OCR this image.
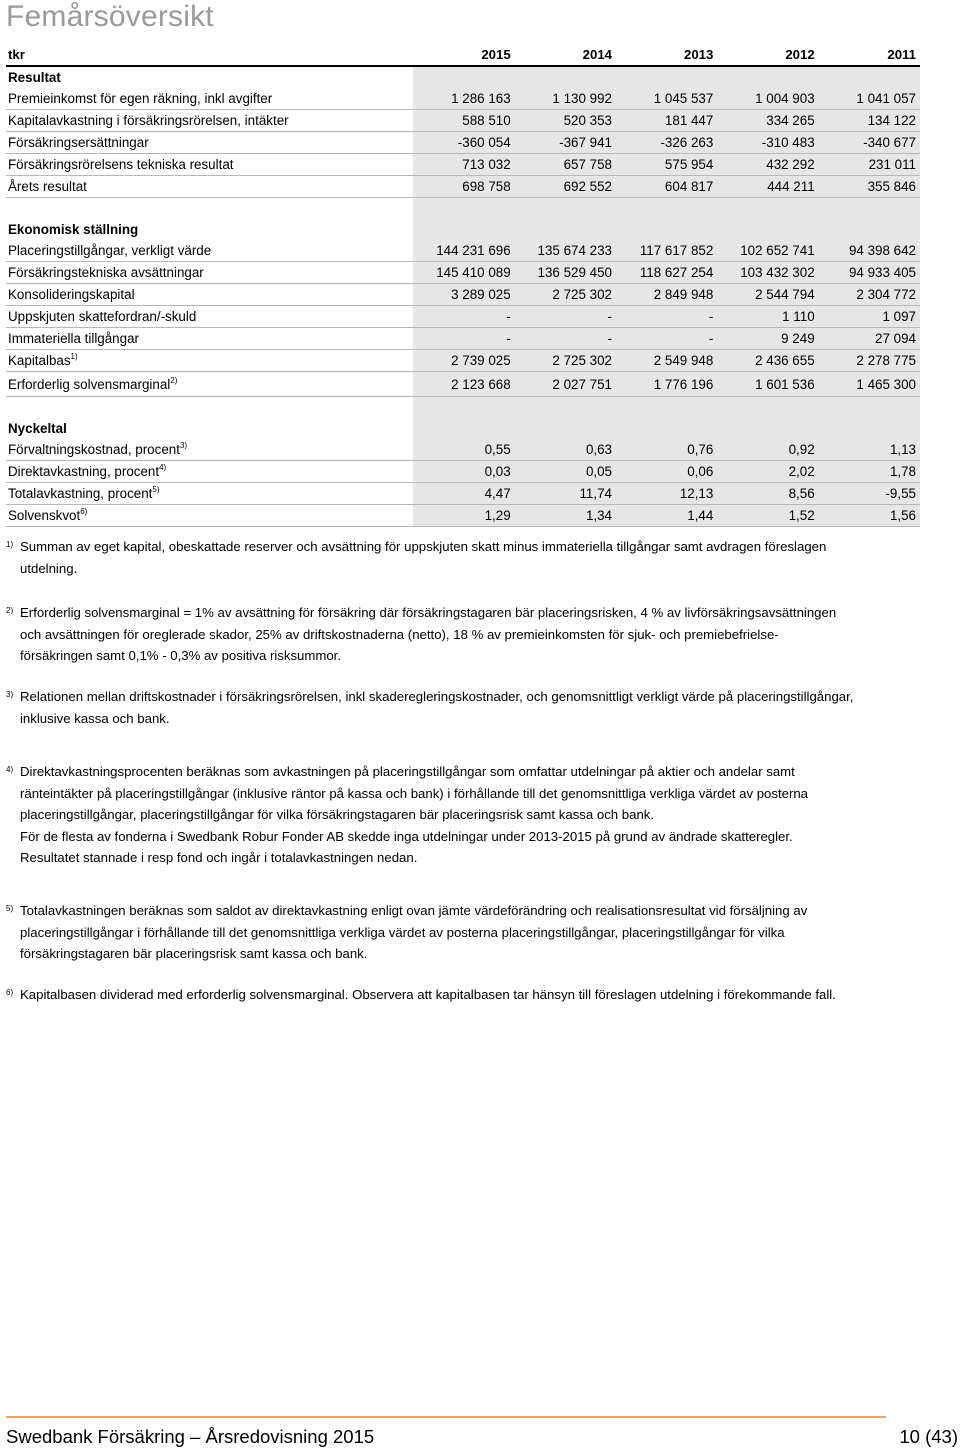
Femårsöversikt
tkr	2015	2014	2013	2012	2011
Resultat					
Premieinkomst för egen räkning, inkl avgifter	1 286 163	1 130 992	1 045 537	1 004 903	1 041 057
Kapitalavkastning i försäkringsrörelsen, intäkter	588 510	520 353	181 447	334 265	134 122
Försäkringsersättningar	-360 054	-367 941	-326 263	-310 483	-340 677
Försäkringsrörelsens tekniska resultat	713 032	657 758	575 954	432 292	231 011
Årets resultat	698 758	692 552	604 817	444 211	355 846

Ekonomisk ställning					
Placeringstillgångar, verkligt värde	144 231 696	135 674 233	117 617 852	102 652 741	94 398 642
Försäkringstekniska avsättningar	145 410 089	136 529 450	118 627 254	103 432 302	94 933 405
Konsolideringskapital	3 289 025	2 725 302	2 849 948	2 544 794	2 304 772
Uppskjuten skattefordran/-skuld	-	-	-	1 110	1 097
Immateriella tillgångar	-	-	-	9 249	27 094
Kapitalbas$^{1)}$	2 739 025	2 725 302	2 549 948	2 436 655	2 278 775
Erforderlig solvensmarginal$^{2)}$	2 123 668	2 027 751	1 776 196	1 601 536	1 465 300

Nyckeltal					
Förvaltningskostnad, procent$^{3)}$	0,55	0,63	0,76	0,92	1,13
Direktavkastning, procent$^{4)}$	0,03	0,05	0,06	2,02	1,78
Totalavkastning, procent$^{5)}$	4,47	11,74	12,13	8,56	-9,55
Solvenskvot$^{6)}$	1,29	1,34	1,44	1,52	1,56
1) Summan av eget kapital, obeskattade reserver och avsättning för uppskjuten skatt minus immateriella tillgångar samt avdragen föreslagen
utdelning.
2) Erforderlig solvensmarginal = 1% av avsättning för försäkring där försäkringstagaren bär placeringsrisken, 4 % av livförsäkringsavsättningen
och avsättningen för oreglerade skador, 25% av driftskostnaderna (netto), 18 % av premieinkomsten för sjuk- och premiebefrielse-
försäkringen samt 0,1% - 0,3% av positiva risksummor.
3) Relationen mellan driftskostnader i försäkringsrörelsen, inkl skaderegleringskostnader, och genomsnittligt verkligt värde på placeringstillgångar,
inklusive kassa och bank.
4) Direktavkastningsprocenten beräknas som avkastningen på placeringstillgångar som omfattar utdelningar på aktier och andelar samt
ränteintäkter på placeringstillgångar (inklusive räntor på kassa och bank) i förhållande till det genomsnittliga verkliga värdet av posterna
placeringstillgångar, placeringstillgångar för vilka försäkringstagaren bär placeringsrisk samt kassa och bank.
För de flesta av fonderna i Swedbank Robur Fonder AB skedde inga utdelningar under 2013-2015 på grund av ändrade skatteregler.
Resultatet stannade i resp fond och ingår i totalavkastningen nedan.
5) Totalavkastningen beräknas som saldot av direktavkastning enligt ovan jämte värdeförändring och realisationsresultat vid försäljning av
placeringstillgångar i förhållande till det genomsnittliga verkliga värdet av posterna placeringstillgångar, placeringstillgångar för vilka
försäkringstagaren bär placeringsrisk samt kassa och bank.
6) Kapitalbasen dividerad med erforderlig solvensmarginal. Observera att kapitalbasen tar hänsyn till föreslagen utdelning i förekommande fall.
Swedbank Försäkring – Årsredovisning 2015	10 (43)
